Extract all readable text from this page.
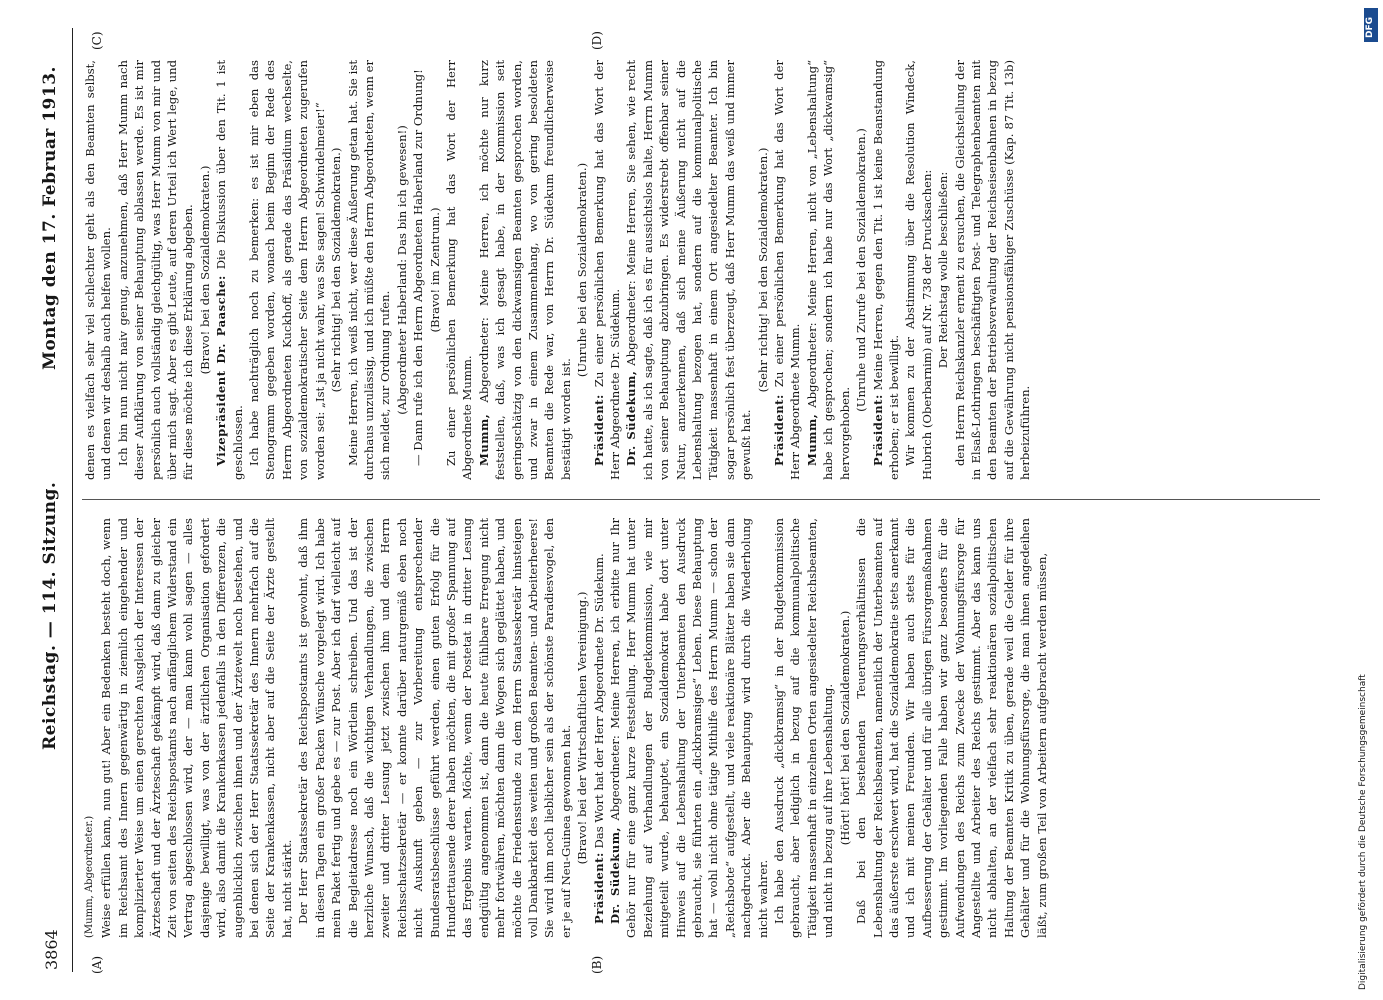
3864
Reichstag. — 114. Sitzung.
Montag den 17. Februar 1913.
(A)	(B)
(C)	(D)

(Mumm, Abgeordneter.) Weise erfüllen kann, nun gut! Aber ein Bedenken besteht doch, wenn im Reichsamt des Innern gegenwärtig in ziemlich eingehender und komplizierter Weise um einen gerechten Ausgleich der Interessen der Ärzteschaft und der Ärzteschaft gekämpft wird, daß dann zu gleicher Zeit von seiten des Reichspostamts nach anfänglichem Widerstand ein Vertrag abgeschlossen wird, der — man kann wohl sagen — alles dasjenige bewilligt, was von der ärztlichen Organisation gefordert wird, also damit die Krankenkassen jedenfalls in den Differenzen, die augenblicklich zwischen ihnen und der Ärztewelt noch bestehen, und bei denen sich der Herr Staatssekretär des Innern mehrfach auf die Seite der Krankenkassen, nicht aber auf die Seite der Ärzte gestellt hat, nicht stärkt. Der Herr Staatssekretär des Reichspostamts ist gewohnt, daß ihm in diesen Tagen ein großer Packen Wünsche vorgelegt wird. Ich habe mein Paket fertig und gebe es — zur Post. Aber ich darf vielleicht auf die Begleitadresse noch ein Wörtlein schreiben. Und das ist der herzliche Wunsch, daß die wichtigen Verhandlungen, die zwischen zweiter und dritter Lesung jetzt zwischen ihm und dem Herrn Reichsschatzsekretär — er konnte darüber naturgemäß eben noch nicht Auskunft geben — zur Vorbereitung entsprechender Bundesratsbeschlüsse geführt werden, einen guten Erfolg für die Hunderttausende derer haben möchten, die mit großer Spannung auf das Ergebnis warten. Möchte, wenn der Postetat in dritter Lesung endgültig angenommen ist, dann die heute fühlbare Erregung nicht mehr fortwähren, möchten dann die Wogen sich geglättet haben, und möchte die Friedensstunde zu dem Herrn Staatssekretär hinsteigen voll Dankbarkeit des weiten und großen Beamten- und Arbeiterheeres! Sie wird ihm noch lieblicher sein als der schönste Paradiesvogel, den er je auf Neu-Guinea gewonnen hat. (Bravo! bei der Wirtschaftlichen Vereinigung.)

Präsident: Das Wort hat der Herr Abgeordnete Dr. Südekum.

Dr. Südekum, Abgeordneter: Meine Herren, ich erbitte nur Ihr Gehör nur für eine ganz kurze Feststellung. Herr Mumm hat unter Beziehung auf Verhandlungen der Budgetkommission, wie mir mitgeteilt wurde, behauptet, ein Sozialdemokrat habe dort unter Hinweis auf die Lebenshaltung der Unterbeamten den Ausdruck gebraucht, sie führten ein „dickbramsiges“ Leben. Diese Behauptung hat — wohl nicht ohne tätige Mithilfe des Herrn Mumm — schon der „Reichsbote“ aufgestellt, und viele reaktionäre Blätter haben sie dann nachgedruckt. Aber die Behauptung wird durch die Wiederholung nicht wahrer. Ich habe den Ausdruck „dickbramsig“ in der Budgetkommission gebraucht, aber lediglich in bezug auf die kommunalpolitische Tätigkeit massenhaft in einzelnen Orten angesiedelter Reichsbeamten, und nicht in bezug auf ihre Lebenshaltung. (Hört! hört! bei den Sozialdemokraten.) Daß bei den bestehenden Teuerungsverhältnissen die Lebenshaltung der Reichsbeamten, namentlich der Unterbeamten auf das äußerste erschwert wird, hat die Sozialdemokratie stets anerkannt und ich mit meinen Freunden. Wir haben auch stets für die Aufbesserung der Gehälter und für alle übrigen Fürsorgemaßnahmen gestimmt. Im vorliegenden Falle haben wir ganz besonders für die Aufwendungen des Reichs zum Zwecke der Wohnungsfürsorge für Angestellte und Arbeiter des Reichs gestimmt. Aber das kann uns nicht abhalten, an der vielfach sehr reaktionären sozialpolitischen Haltung der Beamten Kritik zu üben, gerade weil die Gelder für ihre Gehälter und für die Wohnungsfürsorge, die man ihnen angedeihen läßt, zum großen Teil von Arbeitern aufgebracht werden müssen,

denen es vielfach sehr viel schlechter geht als den Beamten selbst, und denen wir deshalb auch helfen wollen. Ich bin nun nicht naiv genug, anzunehmen, daß Herr Mumm nach dieser Aufklärung von seiner Behauptung ablassen werde. Es ist mir persönlich auch vollständig gleichgültig, was Herr Mumm von mir und über mich sagt. Aber es gibt Leute, auf deren Urteil ich Wert lege, und für diese möchte ich diese Erklärung abgeben. (Bravo! bei den Sozialdemokraten.) Vizepräsident Dr. Paasche: Die Diskussion über den Tit. 1 ist geschlossen. Ich habe nachträglich noch zu bemerken: es ist mir eben das Stenogramm gegeben worden, wonach beim Beginn der Rede des Herrn Abgeordneten Kuckhoff, als gerade das Präsidium wechselte, von sozialdemokratischer Seite dem Herrn Abgeordneten zugerufen worden sei: „Ist ja nicht wahr, was Sie sagen! Schwindelmeier!“ (Sehr richtig! bei den Sozialdemokraten.) Meine Herren, ich weiß nicht, wer diese Äußerung getan hat. Sie ist durchaus unzulässig, und ich müßte den Herrn Abgeordneten, wenn er sich meldet, zur Ordnung rufen. (Abgeordneter Haberland: Das bin ich gewesen!) — Dann rufe ich den Herrn Abgeordneten Haberland zur Ordnung! (Bravo! im Zentrum.) Zu einer persönlichen Bemerkung hat das Wort der Herr Abgeordnete Mumm. Mumm, Abgeordneter: Meine Herren, ich möchte nur kurz feststellen, daß, was ich gesagt habe, in der Kommission seit geringschätzig von den dickwamsigen Beamten gesprochen worden, und zwar in einem Zusammenhang, wo von gering besoldeten Beamten die Rede war, von Herrn Dr. Südekum freundlicherweise bestätigt worden ist.

(Unruhe bei den Sozialdemokraten.)

Präsident: Zu einer persönlichen Bemerkung hat das Wort der Herr Abgeordnete Dr. Südekum. Dr. Südekum, Abgeordneter: Meine Herren, Sie sehen, wie recht ich hatte, als ich sagte, daß ich es für aussichtslos halte, Herrn Mumm von seiner Behauptung abzubringen. Es widerstrebt offenbar seiner Natur, anzuerkennen, daß sich meine Äußerung nicht auf die Lebenshaltung bezogen hat, sondern auf die kommunalpolitische Tätigkeit massenhaft in einem Ort angesiedelter Beamter. Ich bin sogar persönlich fest überzeugt, daß Herr Mumm das weiß und immer gewußt hat.

(Sehr richtig! bei den Sozialdemokraten.)

Präsident: Zu einer persönlichen Bemerkung hat das Wort der Herr Abgeordnete Mumm. Mumm, Abgeordneter: Meine Herren, nicht von „Lebenshaltung“ habe ich gesprochen; sondern ich habe nur das Wort „dickwamsig“ hervorgehoben.

(Unruhe und Zurufe bei den Sozialdemokraten.)

Präsident: Meine Herren, gegen den Tit. 1 ist keine Beanstandung erhoben; er ist bewilligt. Wir kommen zu der Abstimmung über die Resolution Windeck, Hubrich (Oberbarnim) auf Nr. 738 der Drucksachen: Der Reichstag wolle beschließen: den Herrn Reichskanzler ernent zu ersuchen, die Gleichstellung der in Elsaß-Lothringen beschäftigten Post- und Telegraphenbeamten mit den Beamten der Betriebsverwaltung der Reichseisenbahnen in bezug auf die Gewährung nicht pensionsfähiger Zuschüsse (Kap. 87 Tit. 13b) herbeizuführen.

DFG
Digitalisierung gefördert durch die Deutsche Forschungsgemeinschaft
